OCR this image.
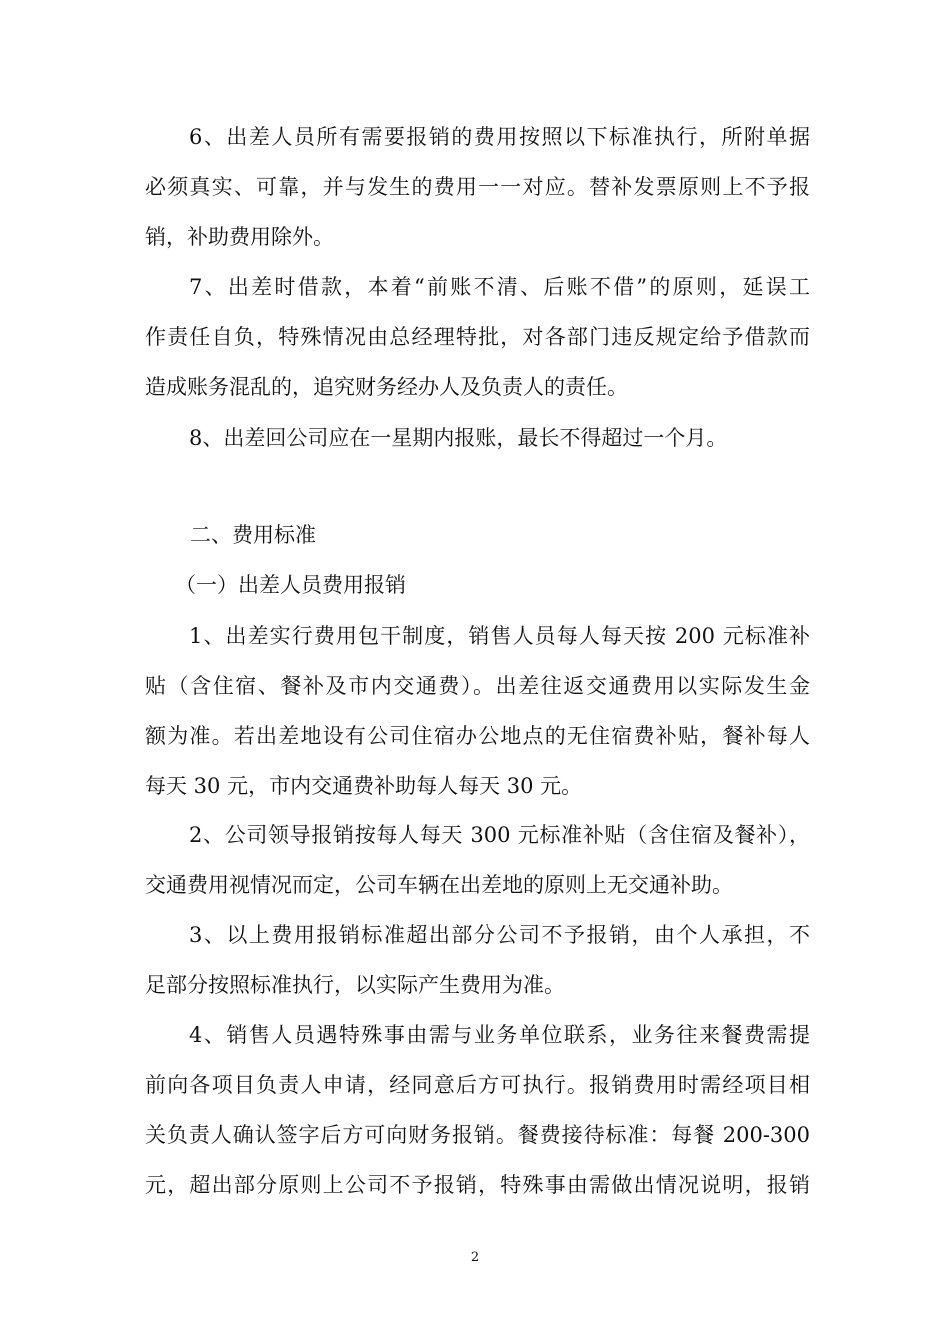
6、出差人员所有需要报销的费用按照以下标准执行，所附单据
必须真实、可靠，并与发生的费用一一对应。替补发票原则上不予报
销，补助费用除外。
7、出差时借款，本着“前账不清、后账不借”的原则，延误工
作责任自负，特殊情况由总经理特批，对各部门违反规定给予借款而
造成账务混乱的，追究财务经办人及负责人的责任。
8、出差回公司应在一星期内报账，最长不得超过一个月。
二、费用标准
（一）出差人员费用报销
1、出差实行费用包干制度，销售人员每人每天按 200 元标准补
贴（含住宿、餐补及市内交通费）。出差往返交通费用以实际发生金
额为准。若出差地设有公司住宿办公地点的无住宿费补贴，餐补每人
每天 30 元，市内交通费补助每人每天 30 元。
2、公司领导报销按每人每天 300 元标准补贴（含住宿及餐补），
交通费用视情况而定，公司车辆在出差地的原则上无交通补助。
3、以上费用报销标准超出部分公司不予报销，由个人承担，不
足部分按照标准执行，以实际产生费用为准。
4、销售人员遇特殊事由需与业务单位联系，业务往来餐费需提
前向各项目负责人申请，经同意后方可执行。报销费用时需经项目相
关负责人确认签字后方可向财务报销。餐费接待标准：每餐 200-300
元，超出部分原则上公司不予报销，特殊事由需做出情况说明，报销
2
